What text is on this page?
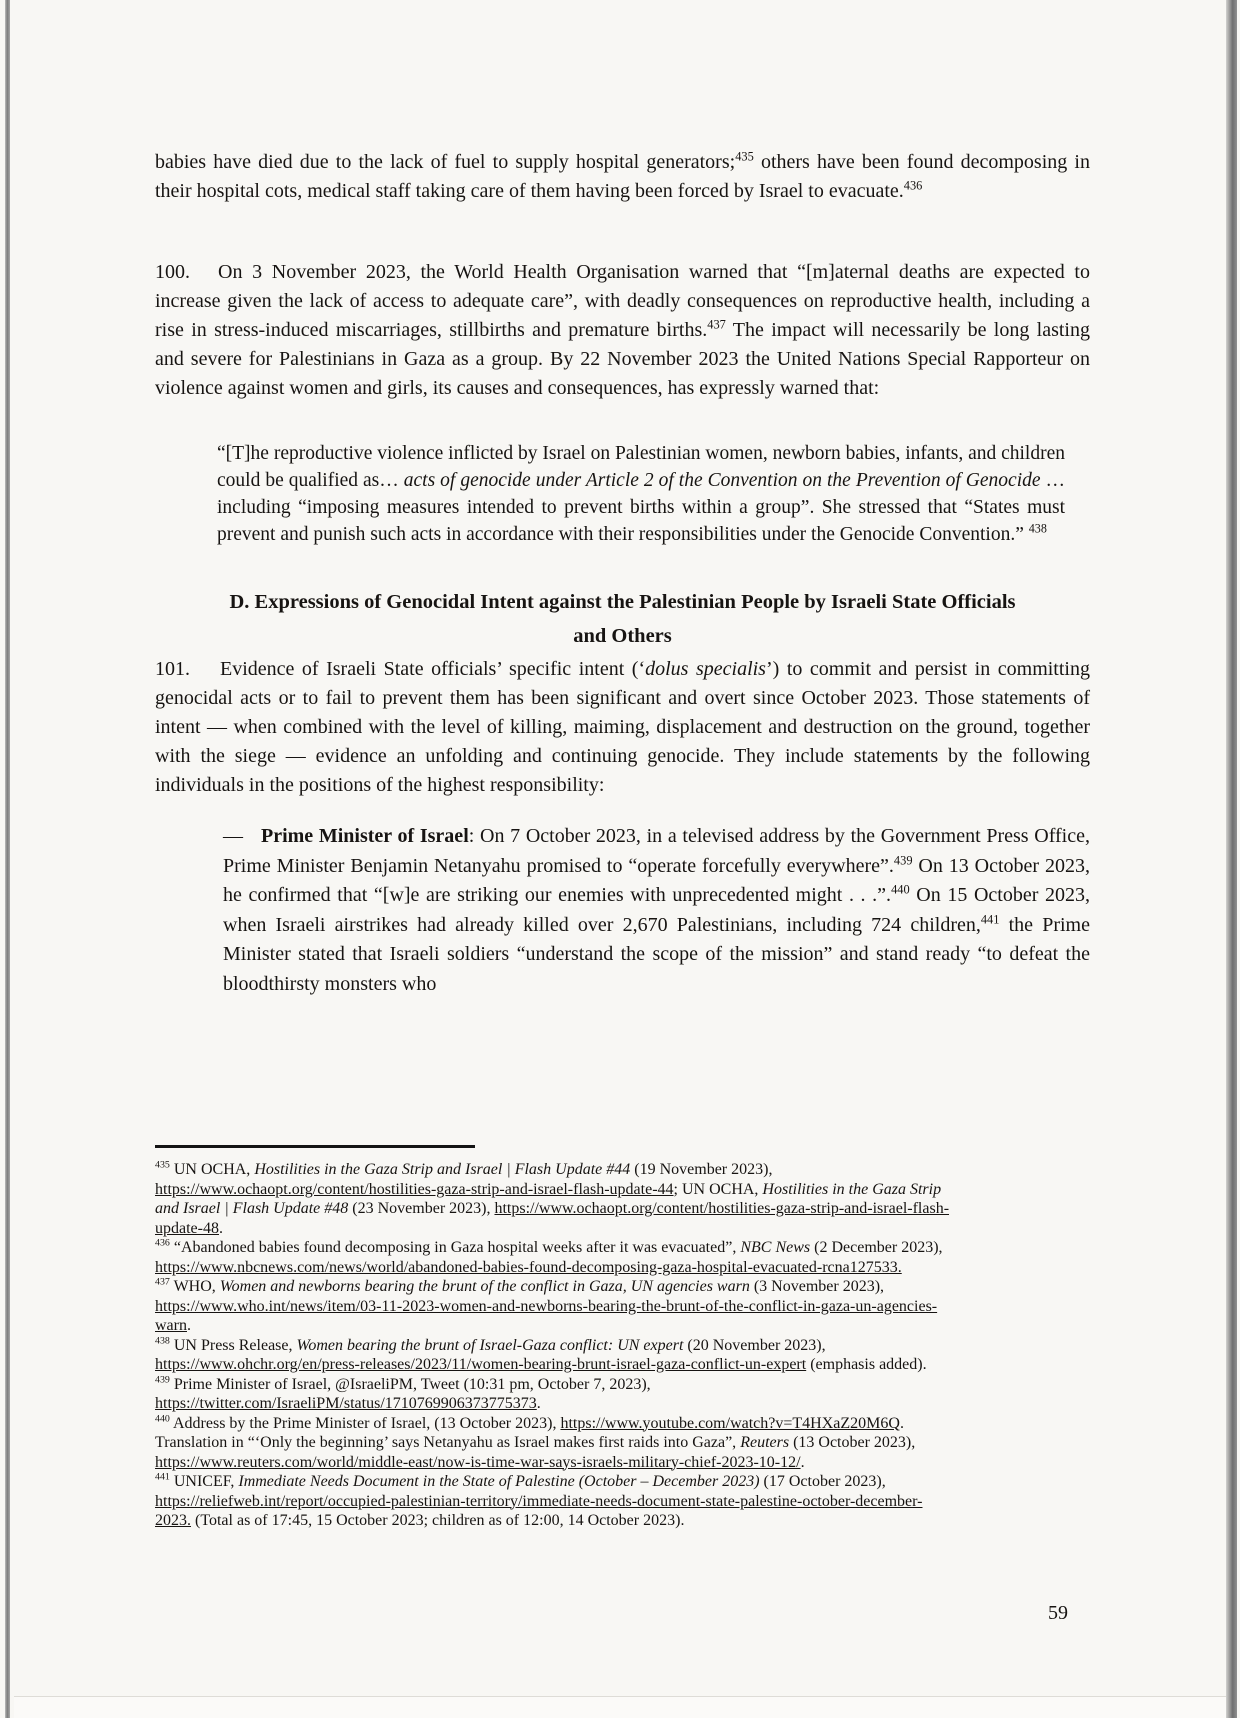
babies have died due to the lack of fuel to supply hospital generators;$^{435}$ others have been found decomposing in their hospital cots, medical staff taking care of them having been forced by Israel to evacuate.$^{436}$

100. On 3 November 2023, the World Health Organisation warned that “[m]aternal deaths are expected to increase given the lack of access to adequate care”, with deadly consequences on reproductive health, including a rise in stress-induced miscarriages, stillbirths and premature births.$^{437}$ The impact will necessarily be long lasting and severe for Palestinians in Gaza as a group. By 22 November 2023 the United Nations Special Rapporteur on violence against women and girls, its causes and consequences, has expressly warned that:

“[T]he reproductive violence inflicted by Israel on Palestinian women, newborn babies, infants, and children could be qualified as… acts of genocide under Article 2 of the Convention on the Prevention of Genocide … including “imposing measures intended to prevent births within a group”. She stressed that “States must prevent and punish such acts in accordance with their responsibilities under the Genocide Convention.” $^{438}$
D. Expressions of Genocidal Intent against the Palestinian People by Israeli State Officials
and Others

101. Evidence of Israeli State officials’ specific intent (‘dolus specialis’) to commit and persist in committing genocidal acts or to fail to prevent them has been significant and overt since October 2023. Those statements of intent — when combined with the level of killing, maiming, displacement and destruction on the ground, together with the siege — evidence an unfolding and continuing genocide. They include statements by the following individuals in the positions of the highest responsibility:

— Prime Minister of Israel: On 7 October 2023, in a televised address by the Government Press Office, Prime Minister Benjamin Netanyahu promised to “operate forcefully everywhere”.$^{439}$ On 13 October 2023, he confirmed that “[w]e are striking our enemies with unprecedented might . . .”.$^{440}$ On 15 October 2023, when Israeli airstrikes had already killed over 2,670 Palestinians, including 724 children,$^{441}$ the Prime Minister stated that Israeli soldiers “understand the scope of the mission” and stand ready “to defeat the bloodthirsty monsters who

$^{435}$ UN OCHA, Hostilities in the Gaza Strip and Israel | Flash Update #44 (19 November 2023),
https://www.ochaopt.org/content/hostilities-gaza-strip-and-israel-flash-update-44; UN OCHA, Hostilities in the Gaza Strip
and Israel | Flash Update #48 (23 November 2023), https://www.ochaopt.org/content/hostilities-gaza-strip-and-israel-flash-
update-48.

$^{436}$ “Abandoned babies found decomposing in Gaza hospital weeks after it was evacuated”, NBC News (2 December 2023),
https://www.nbcnews.com/news/world/abandoned-babies-found-decomposing-gaza-hospital-evacuated-rcna127533.

$^{437}$ WHO, Women and newborns bearing the brunt of the conflict in Gaza, UN agencies warn (3 November 2023),
https://www.who.int/news/item/03-11-2023-women-and-newborns-bearing-the-brunt-of-the-conflict-in-gaza-un-agencies-
warn.

$^{438}$ UN Press Release, Women bearing the brunt of Israel-Gaza conflict: UN expert (20 November 2023),
https://www.ohchr.org/en/press-releases/2023/11/women-bearing-brunt-israel-gaza-conflict-un-expert (emphasis added).

$^{439}$ Prime Minister of Israel, @IsraeliPM, Tweet (10:31 pm, October 7, 2023),
https://twitter.com/IsraeliPM/status/1710769906373775373.

$^{440}$ Address by the Prime Minister of Israel, (13 October 2023), https://www.youtube.com/watch?v=T4HXaZ20M6Q.
Translation in “‘Only the beginning’ says Netanyahu as Israel makes first raids into Gaza”, Reuters (13 October 2023),
https://www.reuters.com/world/middle-east/now-is-time-war-says-israels-military-chief-2023-10-12/.

$^{441}$ UNICEF, Immediate Needs Document in the State of Palestine (October – December 2023) (17 October 2023),
https://reliefweb.int/report/occupied-palestinian-territory/immediate-needs-document-state-palestine-october-december-
2023. (Total as of 17:45, 15 October 2023; children as of 12:00, 14 October 2023).

59
